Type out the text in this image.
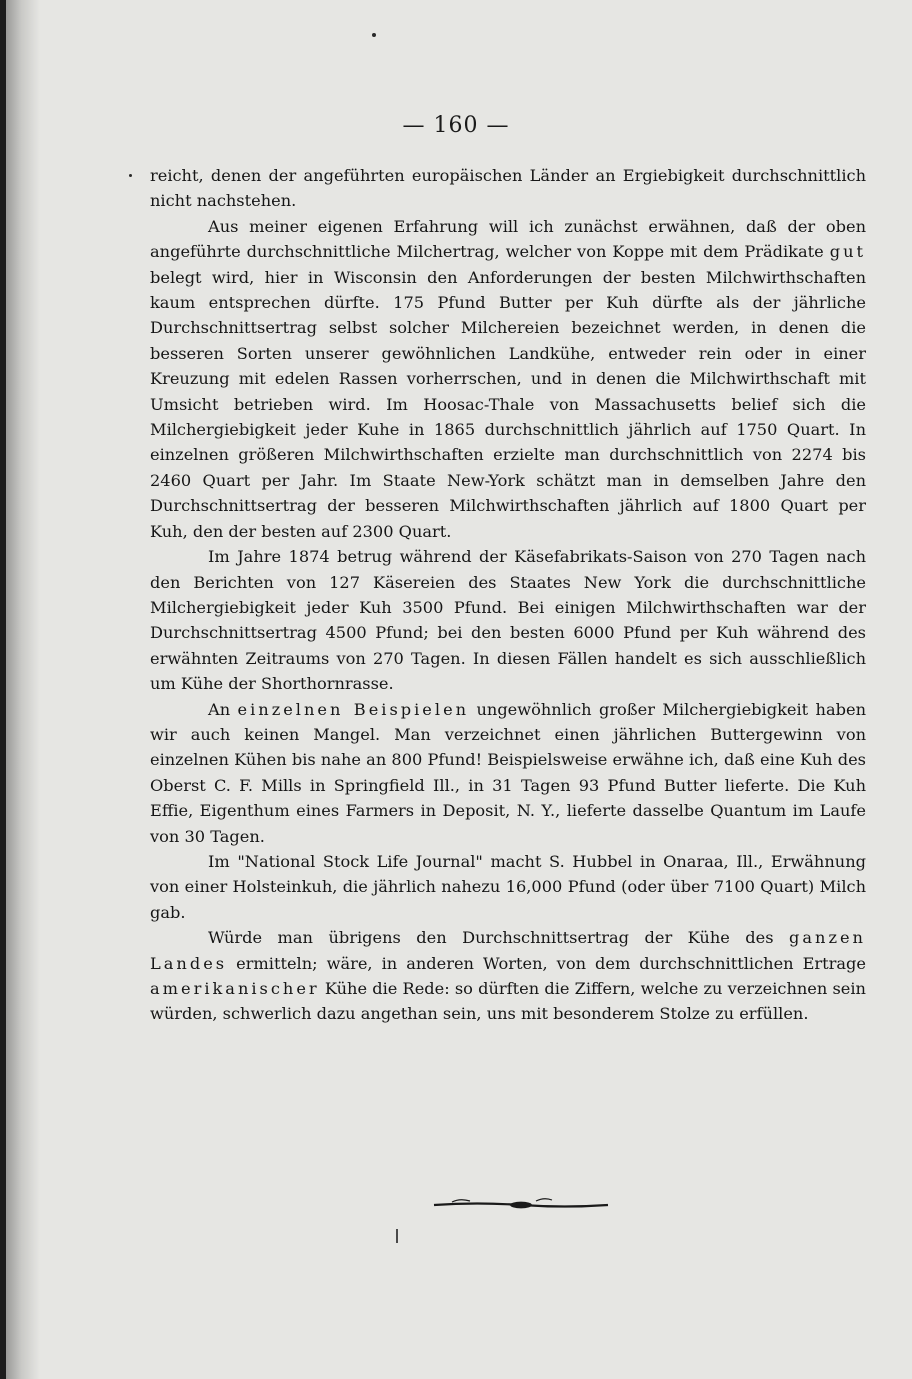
— 160 —

reicht, denen der angeführten europäischen Länder an Ergiebigkeit durchschnittlich nicht nachstehen.

Aus meiner eigenen Erfahrung will ich zunächst erwähnen, daß der oben angeführte durchschnittliche Milchertrag, welcher von Koppe mit dem Prädikate gut belegt wird, hier in Wisconsin den Anforderungen der besten Milchwirthschaften kaum entsprechen dürfte. 175 Pfund Butter per Kuh dürfte als der jährliche Durchschnittsertrag selbst solcher Milchereien bezeichnet werden, in denen die besseren Sorten unserer gewöhnlichen Landkühe, entweder rein oder in einer Kreuzung mit edelen Rassen vorherrschen, und in denen die Milchwirthschaft mit Umsicht betrieben wird. Im Hoosac-Thale von Massachusetts belief sich die Milchergiebigkeit jeder Kuhe in 1865 durchschnittlich jährlich auf 1750 Quart. In einzelnen größeren Milchwirthschaften erzielte man durchschnittlich von 2274 bis 2460 Quart per Jahr. Im Staate New-York schätzt man in demselben Jahre den Durchschnittsertrag der besseren Milchwirthschaften jährlich auf 1800 Quart per Kuh, den der besten auf 2300 Quart.

Im Jahre 1874 betrug während der Käsefabrikats-Saison von 270 Tagen nach den Berichten von 127 Käsereien des Staates New York die durchschnittliche Milchergiebigkeit jeder Kuh 3500 Pfund. Bei einigen Milchwirthschaften war der Durchschnittsertrag 4500 Pfund; bei den besten 6000 Pfund per Kuh während des erwähnten Zeitraums von 270 Tagen. In diesen Fällen handelt es sich ausschließlich um Kühe der Shorthornrasse.

An einzelnen Beispielen ungewöhnlich großer Milchergiebigkeit haben wir auch keinen Mangel. Man verzeichnet einen jährlichen Buttergewinn von einzelnen Kühen bis nahe an 800 Pfund! Beispielsweise erwähne ich, daß eine Kuh des Oberst C. F. Mills in Springfield Ill., in 31 Tagen 93 Pfund Butter lieferte. Die Kuh Effie, Eigenthum eines Farmers in Deposit, N. Y., lieferte dasselbe Quantum im Laufe von 30 Tagen.

Im "National Stock Life Journal" macht S. Hubbel in Onaraa, Ill., Erwähnung von einer Holsteinkuh, die jährlich nahezu 16,000 Pfund (oder über 7100 Quart) Milch gab.

Würde man übrigens den Durchschnittsertrag der Kühe des ganzen Landes ermitteln; wäre, in anderen Worten, von dem durchschnittlichen Ertrage amerikanischer Kühe die Rede: so dürften die Ziffern, welche zu verzeichnen sein würden, schwerlich dazu angethan sein, uns mit besonderem Stolze zu erfüllen.
